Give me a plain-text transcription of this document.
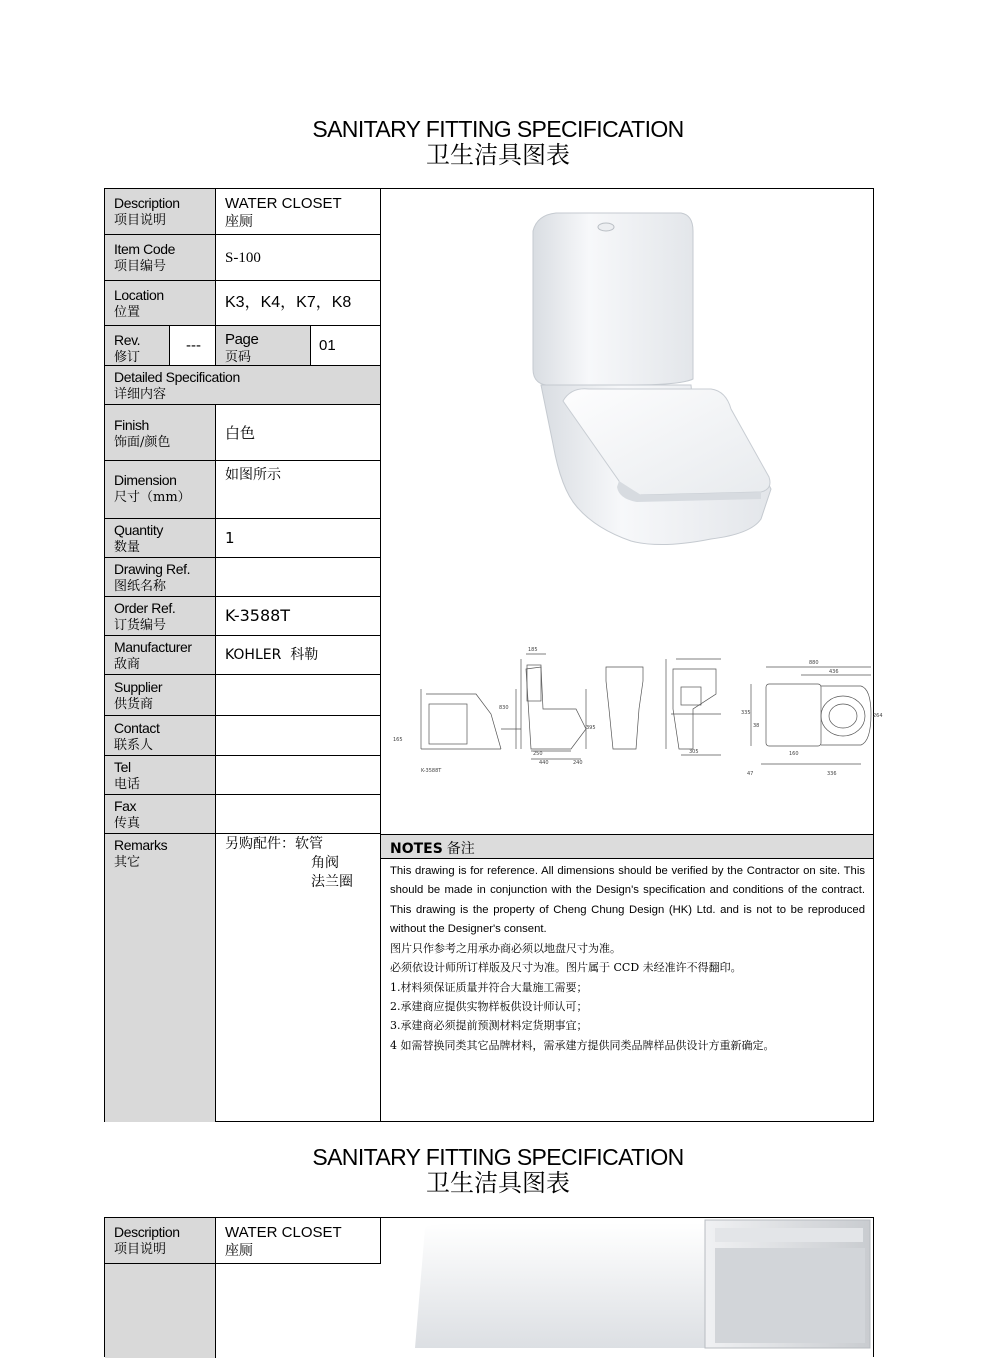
SANITARY FITTING SPECIFICATION
卫生洁具图表
Description
项目说明
WATER CLOSET
座厕
Item Code
项目编号
S-100
Location
位置
K3，K4，K7，K8
Rev.
修订
--- Page
页码
01
Detailed Specification
详细内容
Finish
饰面/颜色
白色
Dimension
尺寸（mm）
如图所示
Quantity
数量
1
Drawing Ref.
图纸名称
Order Ref.
订货编号
K-3588T
Manufacturer
敌商
KOHLER  科勒
Supplier
供货商
Contact
联系人
Tel
电话
Fax
传真
Remarks
其它
另购配件：软管
角阀
法兰圈
185
830
395
165
250
440	240
305
880
436
335
38
264
160
47	336
K-3588T
NOTES 备注
This drawing is for reference. All dimensions should be verified by the Contractor on site. This should be made in conjunction with the Design's specification and conditions of the contract. This drawing is the property of Cheng Chung Design (HK) Ltd. and is not to be reproduced without the Designer's consent.
图片只作参考之用承办商必须以地盘尺寸为准。
必须依设计师所订样版及尺寸为准。图片属于 CCD 未经准许不得翻印。
1.材料须保证质量并符合大量施工需要；
2.承建商应提供实物样板供设计师认可；
3.承建商必须提前预测材料定货期事宜；
4 如需替换同类其它品牌材料，需承建方提供同类品牌样品供设计方重新确定。
SANITARY FITTING SPECIFICATION
卫生洁具图表
Description
项目说明
WATER CLOSET
座厕
